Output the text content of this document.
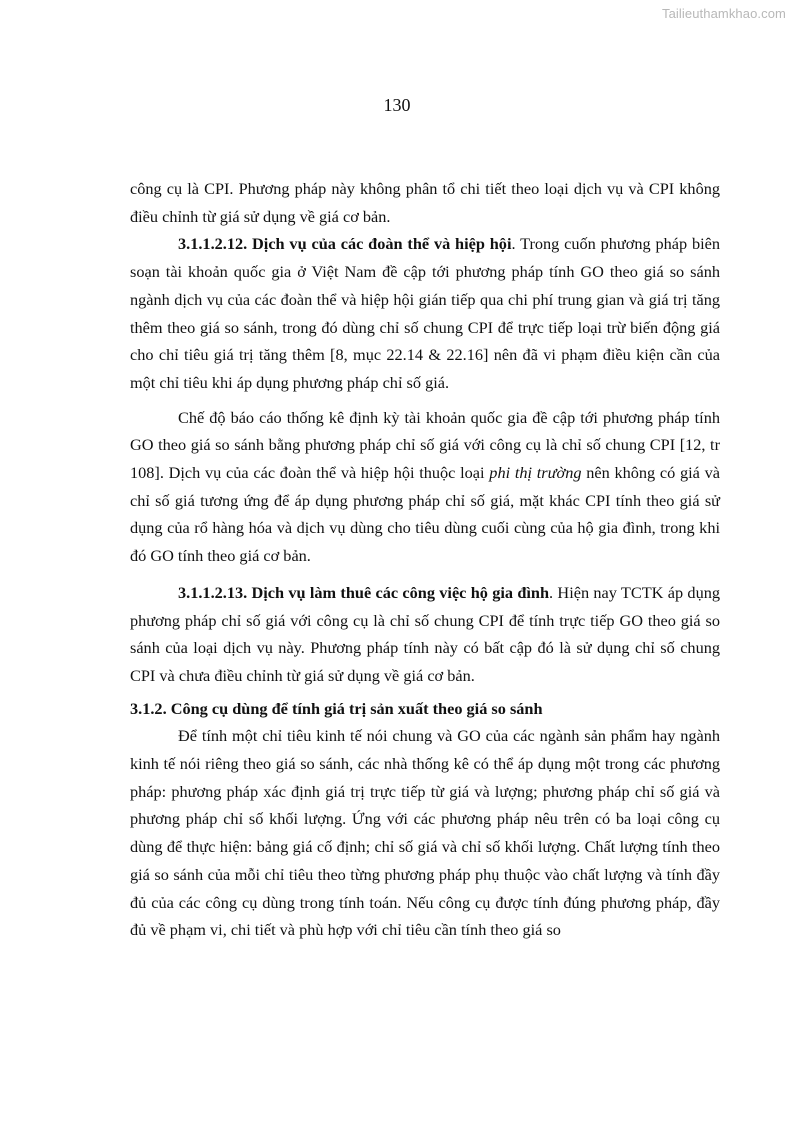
Tailieuthamkhao.com
130

công cụ là CPI. Phương pháp này không phân tổ chi tiết theo loại dịch vụ và CPI không điều chỉnh từ giá sử dụng về giá cơ bản.

3.1.1.2.12. Dịch vụ của các đoàn thể và hiệp hội. Trong cuốn phương pháp biên soạn tài khoản quốc gia ở Việt Nam đề cập tới phương pháp tính GO theo giá so sánh ngành dịch vụ của các đoàn thể và hiệp hội gián tiếp qua chi phí trung gian và giá trị tăng thêm theo giá so sánh, trong đó dùng chỉ số chung CPI để trực tiếp loại trừ biến động giá cho chỉ tiêu giá trị tăng thêm [8, mục 22.14 & 22.16] nên đã vi phạm điều kiện cần của một chỉ tiêu khi áp dụng phương pháp chỉ số giá.

Chế độ báo cáo thống kê định kỳ tài khoản quốc gia đề cập tới phương pháp tính GO theo giá so sánh bằng phương pháp chỉ số giá với công cụ là chỉ số chung CPI [12, tr 108]. Dịch vụ của các đoàn thể và hiệp hội thuộc loại phi thị trường nên không có giá và chỉ số giá tương ứng để áp dụng phương pháp chỉ số giá, mặt khác CPI tính theo giá sử dụng của rổ hàng hóa và dịch vụ dùng cho tiêu dùng cuối cùng của hộ gia đình, trong khi đó GO tính theo giá cơ bản.

3.1.1.2.13. Dịch vụ làm thuê các công việc hộ gia đình. Hiện nay TCTK áp dụng phương pháp chỉ số giá với công cụ là chỉ số chung CPI để tính trực tiếp GO theo giá so sánh của loại dịch vụ này. Phương pháp tính này có bất cập đó là sử dụng chỉ số chung CPI và chưa điều chỉnh từ giá sử dụng về giá cơ bản.

3.1.2. Công cụ dùng để tính giá trị sản xuất theo giá so sánh

Để tính một chỉ tiêu kinh tế nói chung và GO của các ngành sản phẩm hay ngành kinh tế nói riêng theo giá so sánh, các nhà thống kê có thể áp dụng một trong các phương pháp: phương pháp xác định giá trị trực tiếp từ giá và lượng; phương pháp chỉ số giá và phương pháp chỉ số khối lượng. Ứng với các phương pháp nêu trên có ba loại công cụ dùng để thực hiện: bảng giá cố định; chỉ số giá và chỉ số khối lượng. Chất lượng tính theo giá so sánh của mỗi chỉ tiêu theo từng phương pháp phụ thuộc vào chất lượng và tính đầy đủ của các công cụ dùng trong tính toán. Nếu công cụ được tính đúng phương pháp, đầy đủ về phạm vi, chi tiết và phù hợp với chỉ tiêu cần tính theo giá so
